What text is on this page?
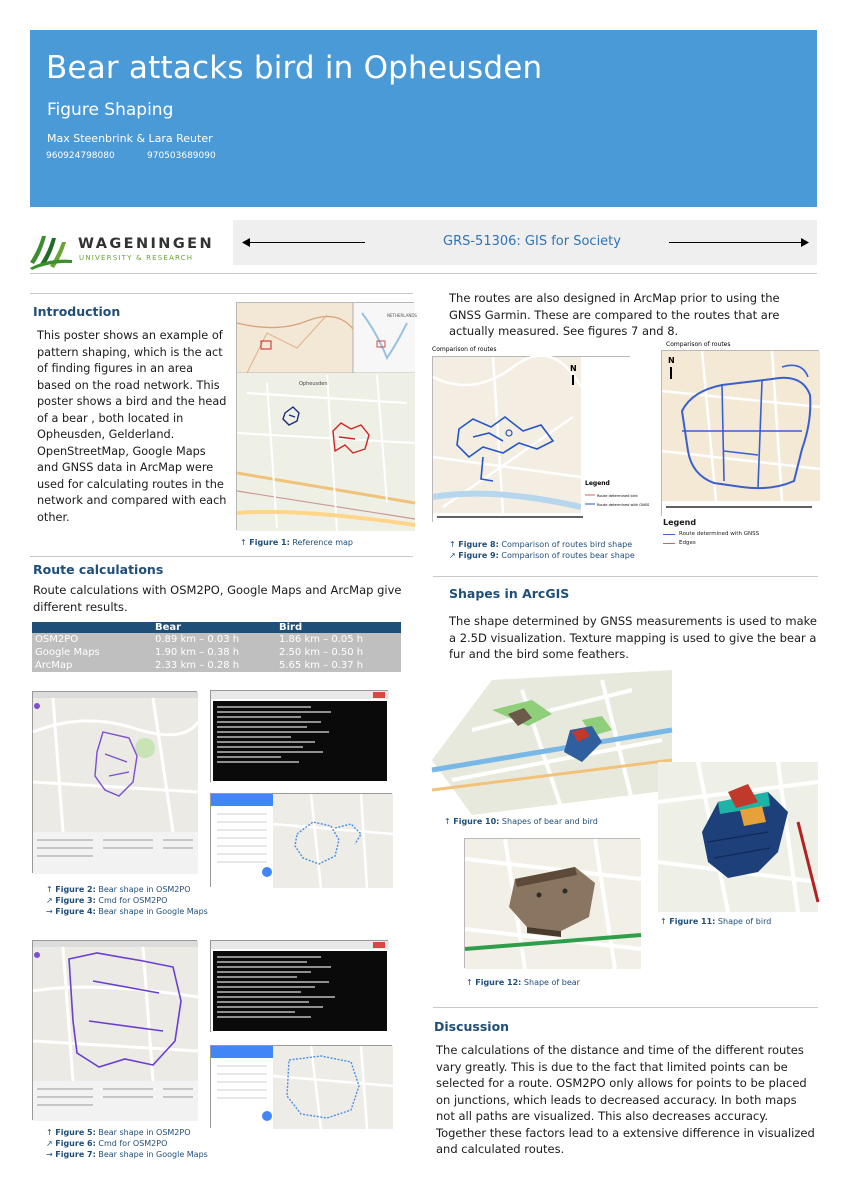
Bear attacks bird in Opheusden
Figure Shaping
Max Steenbrink & Lara Reuter
960924798080	970503689090
WAGENINGEN
UNIVERSITY & RESEARCH
GRS-51306: GIS for Society
Introduction
This poster shows an example of pattern shaping, which is the act of finding figures in an area based on the road network. This poster shows a bird and the head of a bear , both located in Opheusden, Gelderland. OpenStreetMap, Google Maps and GNSS data in ArcMap were used for calculating routes in the network and compared with each other.
NETHERLANDS
Opheusden
↑ Figure 1: Reference map
The routes are also designed in ArcMap prior to using the GNSS Garmin. These are compared to the routes that are actually measured. See figures 7 and 8.
N
Legend
Route determined bird
Route determined with GNSS
Comparison of routes
N
Comparison of routes
Legend
Route determined with GNSS
Edges
↑ Figure 8: Comparison of routes bird shape
↗ Figure 9: Comparison of routes bear shape
Route calculations
Route calculations with OSM2PO, Google Maps and ArcMap give different results.
	Bear	Bird
OSM2PO	0.89 km – 0.03 h	1.86 km – 0.05 h
Google Maps	1.90 km – 0.38 h	2.50 km – 0.50 h
ArcMap	2.33 km – 0.28 h	5.65 km – 0.37 h
↑ Figure 2: Bear shape in OSM2PO
↗ Figure 3: Cmd for OSM2PO
→ Figure 4: Bear shape in Google Maps
↑ Figure 5: Bear shape in OSM2PO
↗ Figure 6: Cmd for OSM2PO
→ Figure 7: Bear shape in Google Maps
Shapes in ArcGIS
The shape determined by GNSS measurements is used to make a 2.5D visualization. Texture mapping is used to give the bear a fur and the bird some feathers.
↑ Figure 10: Shapes of bear and bird
↑ Figure 11: Shape of bird
↑ Figure 12: Shape of bear
Discussion
The calculations of the distance and time of the different routes vary greatly. This is due to the fact that limited points can be selected for a route. OSM2PO only allows for points to be placed on junctions, which leads to decreased accuracy. In both maps not all paths are visualized. This also decreases accuracy. Together these factors lead to a extensive difference in visualized and calculated routes.
